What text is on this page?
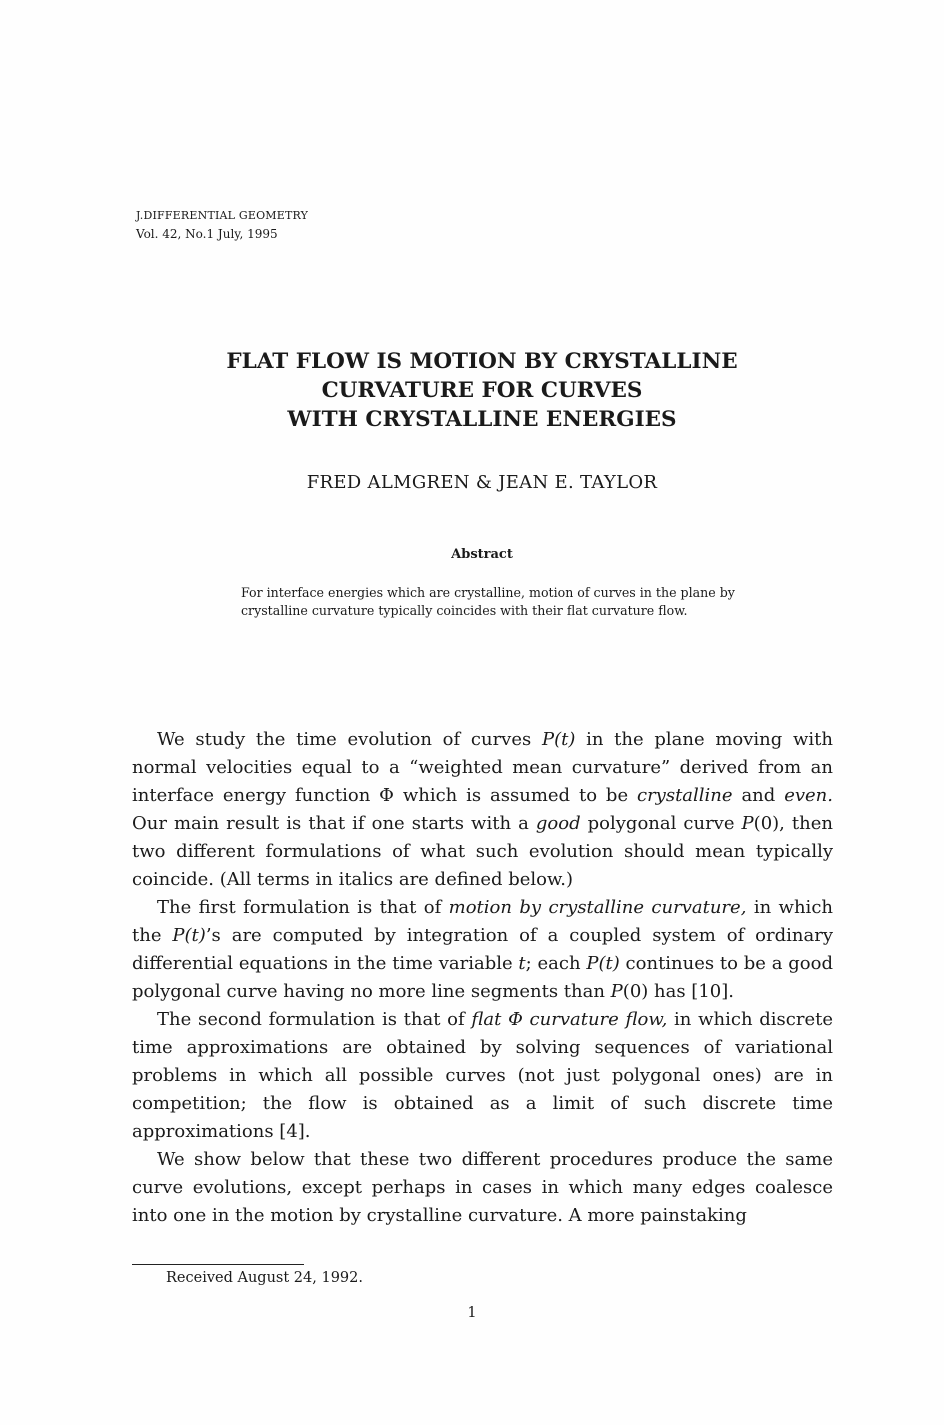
J.DIFFERENTIAL GEOMETRY
Vol. 42, No.1 July, 1995
FLAT FLOW IS MOTION BY CRYSTALLINE
CURVATURE FOR CURVES
WITH CRYSTALLINE ENERGIES
FRED ALMGREN & JEAN E. TAYLOR
Abstract
For interface energies which are crystalline, motion of curves in the plane by crystalline curvature typically coincides with their flat curvature flow.

We study the time evolution of curves P(t) in the plane moving with normal velocities equal to a “weighted mean curvature” derived from an interface energy function Φ which is assumed to be crystalline and even. Our main result is that if one starts with a good polygonal curve P(0), then two different formulations of what such evolution should mean typically coincide. (All terms in italics are defined below.)

The first formulation is that of motion by crystalline curvature, in which the P(t)’s are computed by integration of a coupled system of ordinary differential equations in the time variable t; each P(t) continues to be a good polygonal curve having no more line segments than P(0) has [10].

The second formulation is that of flat Φ curvature flow, in which discrete time approximations are obtained by solving sequences of variational problems in which all possible curves (not just polygonal ones) are in competition; the flow is obtained as a limit of such discrete time approximations [4].

We show below that these two different procedures produce the same curve evolutions, except perhaps in cases in which many edges coalesce into one in the motion by crystalline curvature. A more painstaking

Received August 24, 1992.
1
